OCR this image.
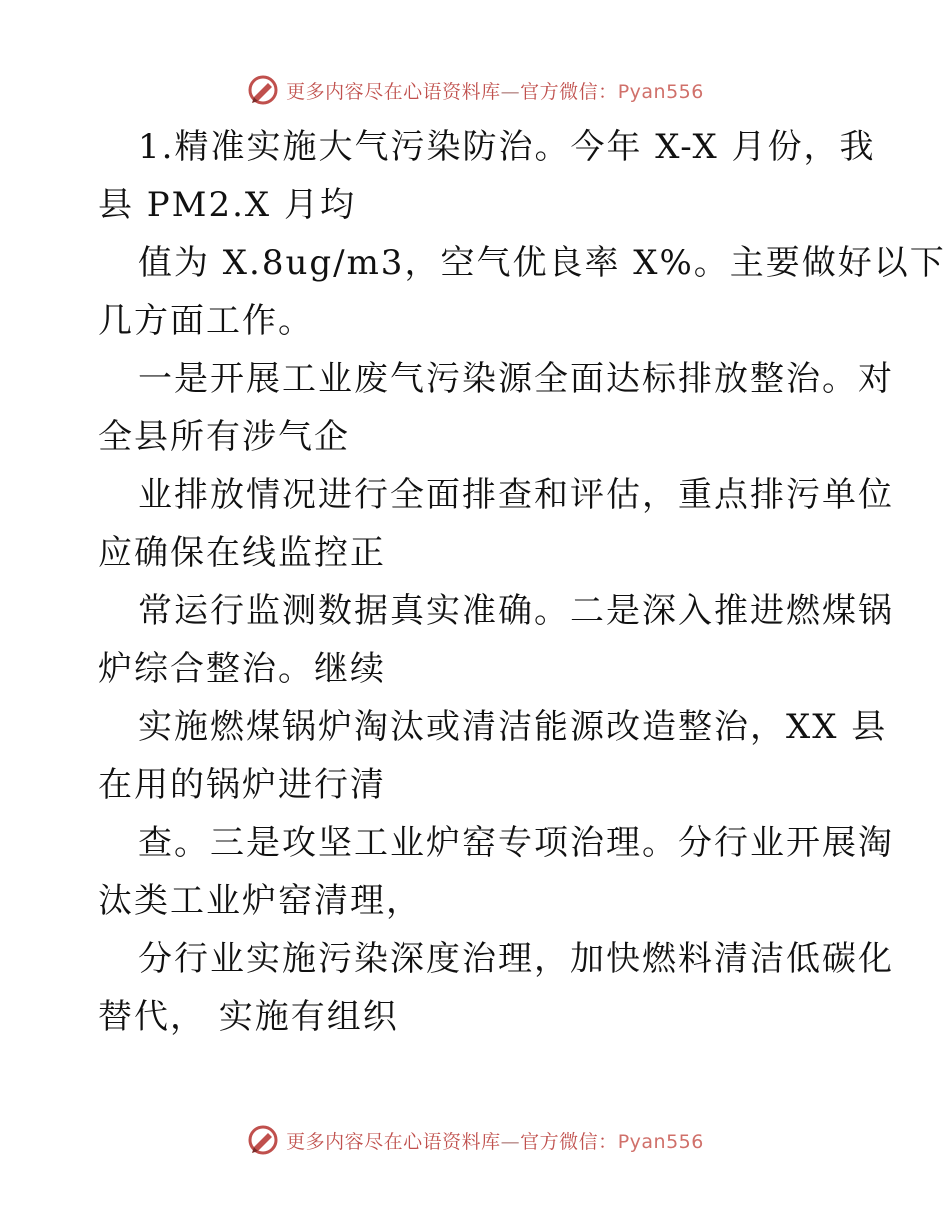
更多内容尽在心语资料库—官方微信：Pyan556

1.精准实施大气污染防治。今年 X-X 月份，我
县 PM2.X 月均

值为 X.8ug/m3，空气优良率 X%。主要做好以下
几方面工作。

一是开展工业废气污染源全面达标排放整治。对
全县所有涉气企

业排放情况进行全面排查和评估，重点排污单位
应确保在线监控正

常运行监测数据真实准确。二是深入推进燃煤锅
炉综合整治。继续

实施燃煤锅炉淘汰或清洁能源改造整治，XX 县
在用的锅炉进行清

查。三是攻坚工业炉窑专项治理。分行业开展淘
汰类工业炉窑清理，

分行业实施污染深度治理，加快燃料清洁低碳化
替代， 实施有组织

更多内容尽在心语资料库—官方微信：Pyan556
